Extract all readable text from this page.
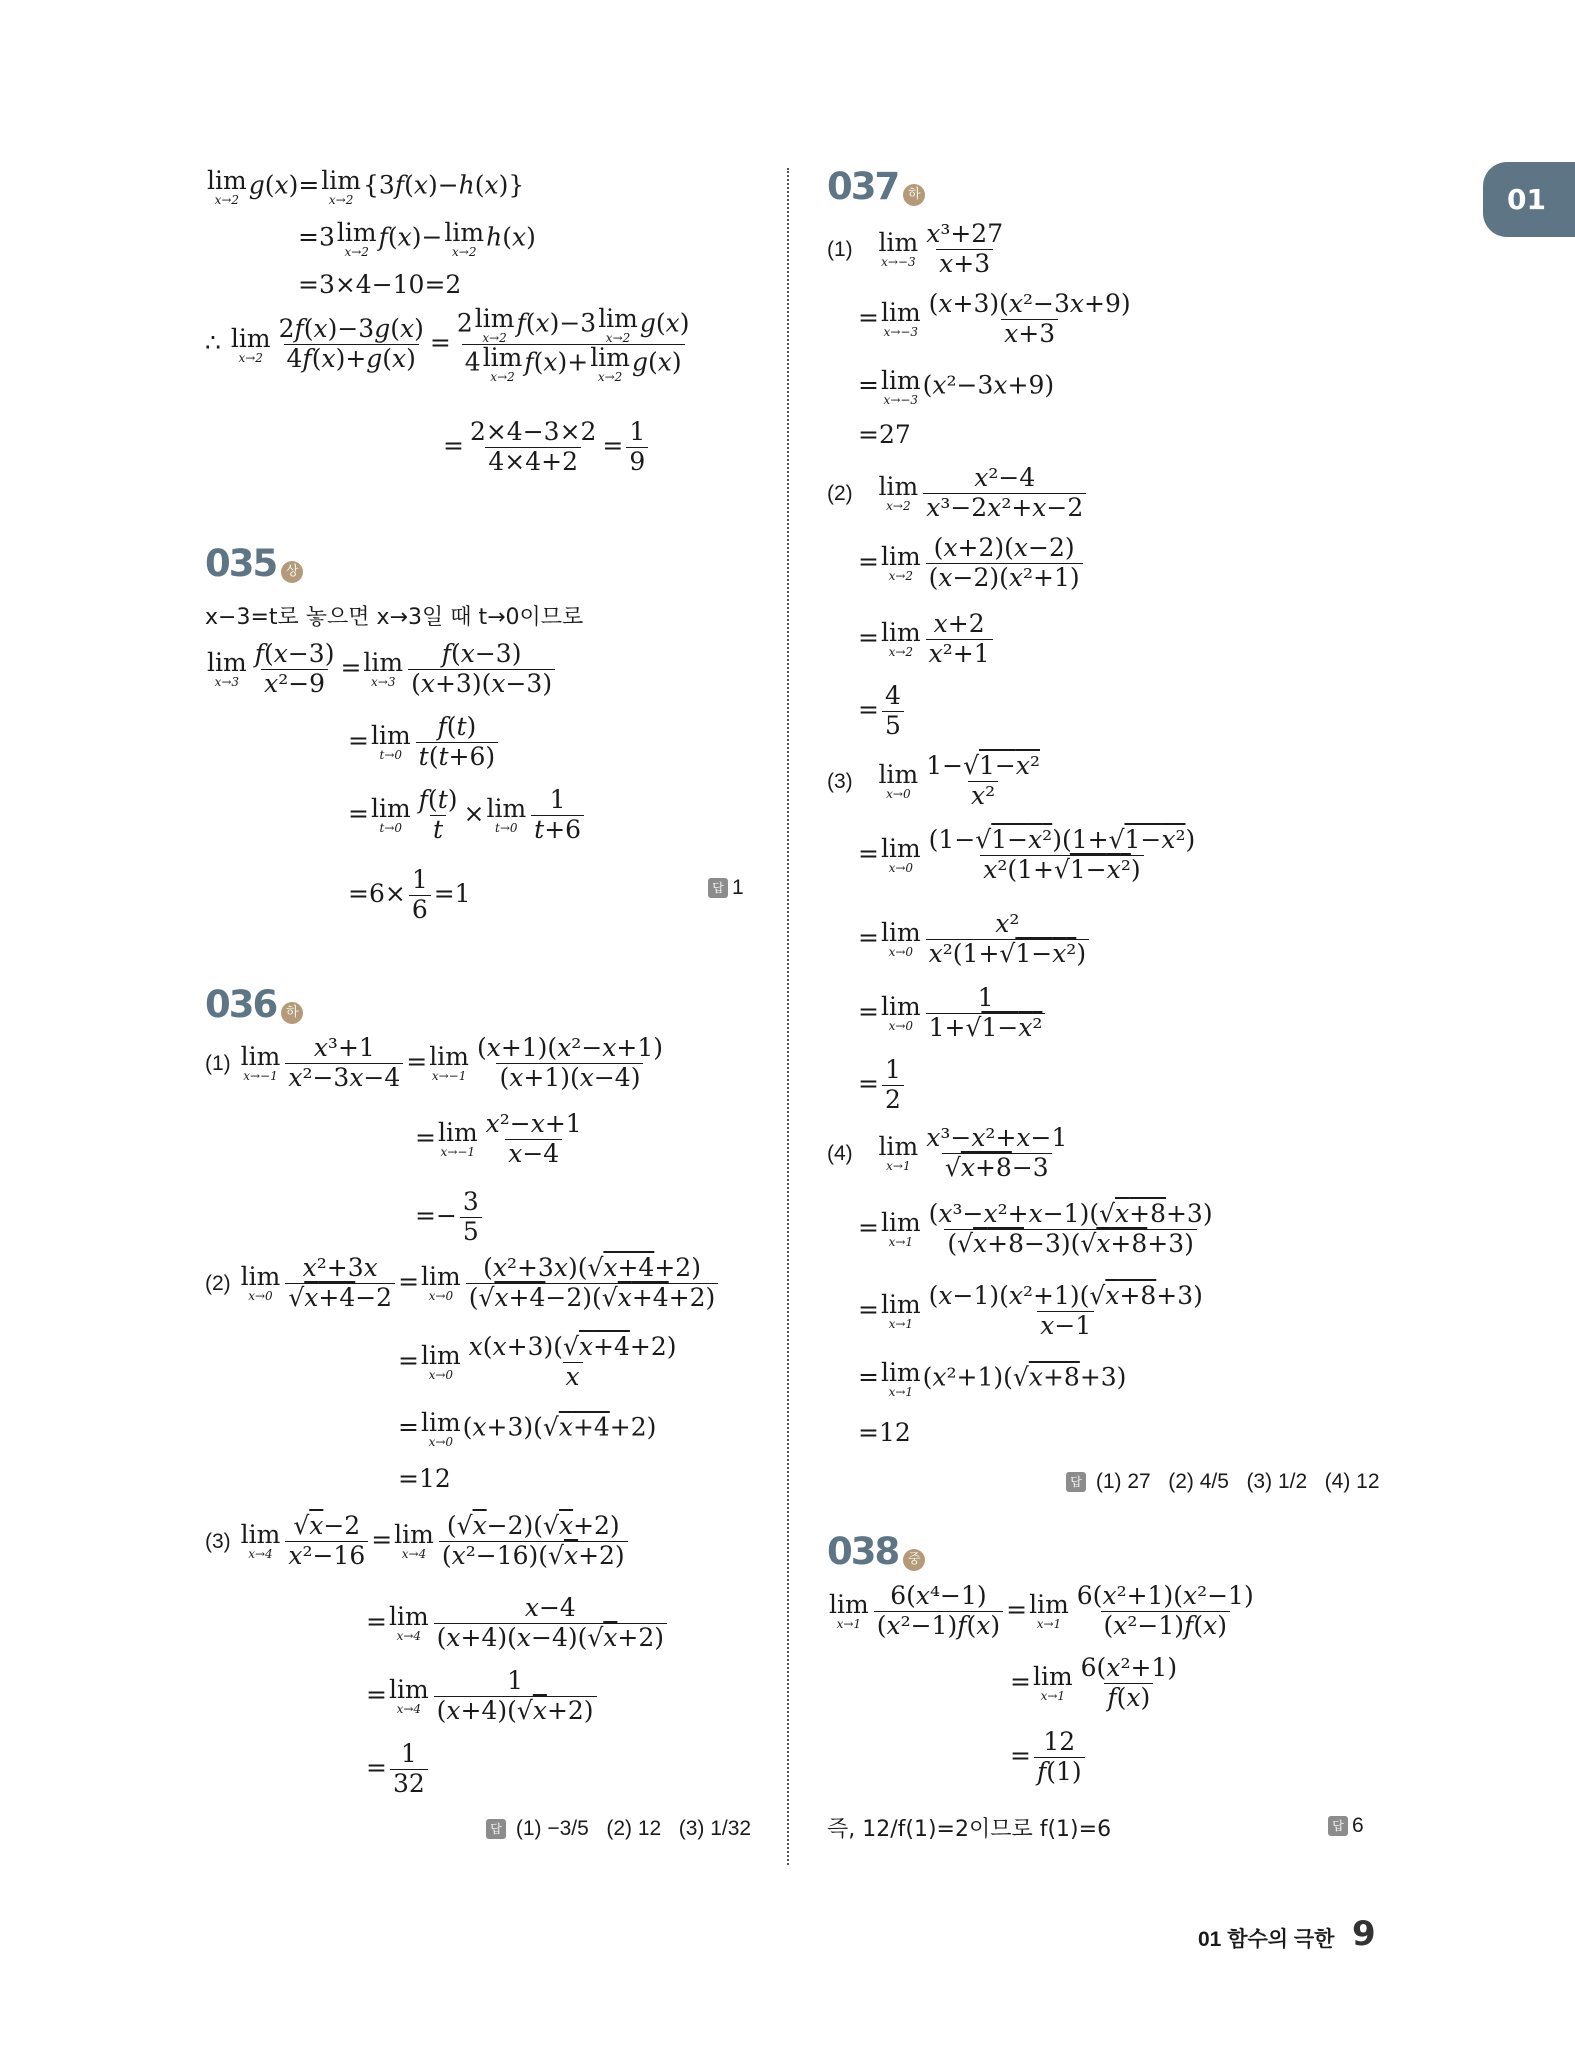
01
lim
x→2
g(x)=lim
x→2
{3f(x)−h(x)}
=3lim
x→2
f(x)−lim
x→2
h(x)
=3×4−10=2
∴ lim
$x\to 2 \frac{2f(x)-3g(x)}{4f(x)+g(x)} = 2\lim$
x→2
f(x)−3lim
x→2
g(x)
4lim
x→2
f(x)+lim
x→2
g(x)
= $\frac{2\times 4-3\times 2}{4\times 4+2} = \frac{1}{9}$
035 상
x−3=t로 놓으면 x→3일 때 t→0이므로
lim
$x\to 3 \frac{f(x-3)}{\text{x²−9}} =\lim$
$x\to 3 \frac{f(x-3)}{(x+3)(x-3)}$
=lim
$t\to 0 \frac{f(t)}{t(t+6)}$
=lim
$t\to 0 \frac{f(t)}{t} \times\lim$
$t\to 0 \frac{1}{t+6}$
$=6\times \frac{1}{6} =1$	답 1
036 하
(1) lim
$x\to-1 \frac{\text{x³+1}}{\text{x²−3x−4}} =\lim$
$x\to-1 \frac{\text{(x+1)(x²−x+1)}}{(x+1)(x-4)}$
=lim
$x\to-1 \frac{\text{x²−x+1}}{x-4}$
=− $\frac{3}{5}$
(2) lim
$x\to 0 \frac{\text{x²+3x}}{√x+4-2} =\lim$
$x\to 0 \frac{\text{(x²+3x)(√x+4+2)}}{(√x+4-2)(√x+4+2)}$
=lim
$x\to 0 \frac{x(x+3)(√x+4+2)}{x}$
=lim
x→0
(x+3)(√x+4+2)
=12
(3) lim
$x\to 4 \frac{√x-2}{\text{x²−16}} =\lim$
$x\to 4 \frac{(√x-2)(√x+2)}{\text{(x²−16)(√x+2)}}$
=lim
$x\to 4 \frac{x-4}{(x+4)(x-4)(√x+2)}$
=lim
$x\to 4 \frac{1}{(x+4)(√x+2)}$
= $\frac{1}{32}$
답 (1) −3/5 (2) 12 (3) 1/32
037 하
(1) lim
$x\to-3 \frac{\text{x³+27}}{x+3}$
=lim
$x\to-3 \frac{\text{(x+3)(x²−3x+9)}}{x+3}$
=lim
x→−3
(x²−3x+9)
=27
(2) lim
$x\to 2 \frac{\text{x²−4}}{\text{x³−2x²+x−2}}$
=lim
$x\to 2 \frac{(x+2)(x-2)}{\text{(x−2)(x²+1)}}$
=lim
$x\to 2 \frac{x+2}{\text{x²+1}}$
= $\frac{4}{5}$
(3) lim
$x\to 0 \frac{\text{1−√1−x²}}{\text{x²}}$
=lim
$x\to 0 \frac{\text{(1−√1−x²)(1+√1−x²)}}{\text{x²(1+√1−x²)}}$
=lim
$x\to 0 \frac{\text{x²}}{\text{x²(1+√1−x²)}}$
=lim
$x\to 0 \frac{1}{\text{1+√1−x²}}$
= $\frac{1}{2}$
(4) lim
$x\to 1 \frac{\text{x³−x²+x−1}}{√x+8-3}$
=lim
$x\to 1 \frac{\text{(x³−x²+x−1)(√x+8+3)}}{(√x+8-3)(√x+8+3)}$
=lim
$x\to 1 \frac{\text{(x−1)(x²+1)(√x+8+3)}}{x-1}$
=lim
x→1
(x²+1)(√x+8+3)
=12
답 (1) 27 (2) 4/5 (3) 1/2 (4) 12
038 중
lim
$x\to 1 \frac{\text{6(x⁴−1)}}{\text{(x²−1)f(x)}} =\lim$
$x\to 1 \frac{\text{6(x²+1)(x²−1)}}{\text{(x²−1)f(x)}}$
=lim
$x\to 1 \frac{\text{6(x²+1)}}{f(x)}$
= $\frac{12}{f(1)}$
즉, 12/f(1)=2이므로 f(1)=6	답 6
01 함수의 극한 9
